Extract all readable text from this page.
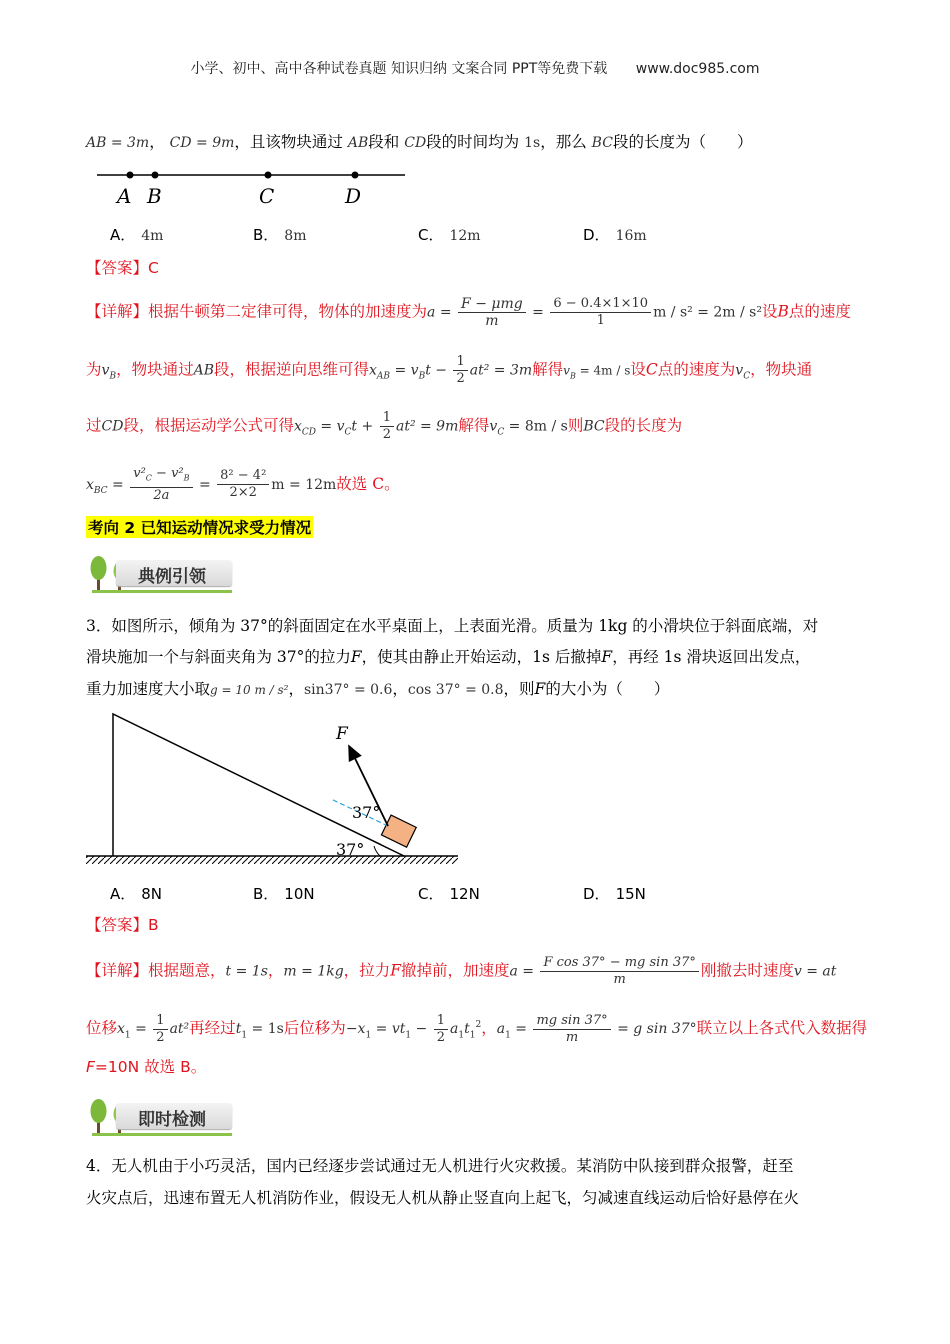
小学、初中、高中各种试卷真题 知识归纳 文案合同 PPT等免费下载 www.doc985.com
AB = 3m， CD = 9m，且该物块通过 AB段和 CD段的时间均为 1s，那么 BC段的长度为（　　）
A B	C	D
A． 4m	B． 8m	C． 12m	D． 16m
【答案】C
【详解】根据牛顿第二定律可得，物体的加速度为$a = \frac{\text{F − μmg}}{m} = \frac{6 - 0.4\times 1\times 10}{1}$ m / s² = 2m / s²设B点的速度
为$v_B$，物块通过AB段，根据逆向思维可得$x_{AB} = v_Bt - \frac{1}{2} at^2 = 3m$解得$v_B = 4m / s$设C点的速度为$v_C$，物块通
过CD段，根据运动学公式可得$x_{CD} = v_Ct + \frac{1}{2} at^2 = 9m$解得$v_C = 8m / s$则BC段的长度为
$x_{BC} = \frac{v^2_C - v^2_B}{2a} = \frac{\text{8² − 4²}}{2\times 2}$ m = 12m故选 C。
考向 2 已知运动情况求受力情况
典例引领
3．如图所示，倾角为 37°的斜面固定在水平桌面上，上表面光滑。质量为 1kg 的小滑块位于斜面底端，对
滑块施加一个与斜面夹角为 37°的拉力F，使其由静止开始运动，1s 后撤掉F，再经 1s 滑块返回出发点，
重力加速度大小取g = 10 m / s²，sin37° = 0.6，cos 37° = 0.8，则F的大小为（　　）
F
37°
37°
A． 8N	B． 10N	C． 12N	D． 15N
【答案】B
【详解】根据题意，t = 1s，m = 1kg，拉力F撤掉前，加速度$a = \frac{\text{F cos 37° − mg sin 37°}}{m}$ 刚撤去时速度v = at
位移$x_1 = \frac{1}{2} at^2$再经过$t_1 = 1s$后位移为$-x_1 = vt_1 - \frac{1}{2} a_1t_1^2$，$a_1 = \frac{\text{mg sin 37°}}{m} = g$ sin 37°联立以上各式代入数据得
F=10N 故选 B。
即时检测
4．无人机由于小巧灵活，国内已经逐步尝试通过无人机进行火灾救援。某消防中队接到群众报警，赶至
火灾点后，迅速布置无人机消防作业，假设无人机从静止竖直向上起飞，匀减速直线运动后恰好悬停在火
